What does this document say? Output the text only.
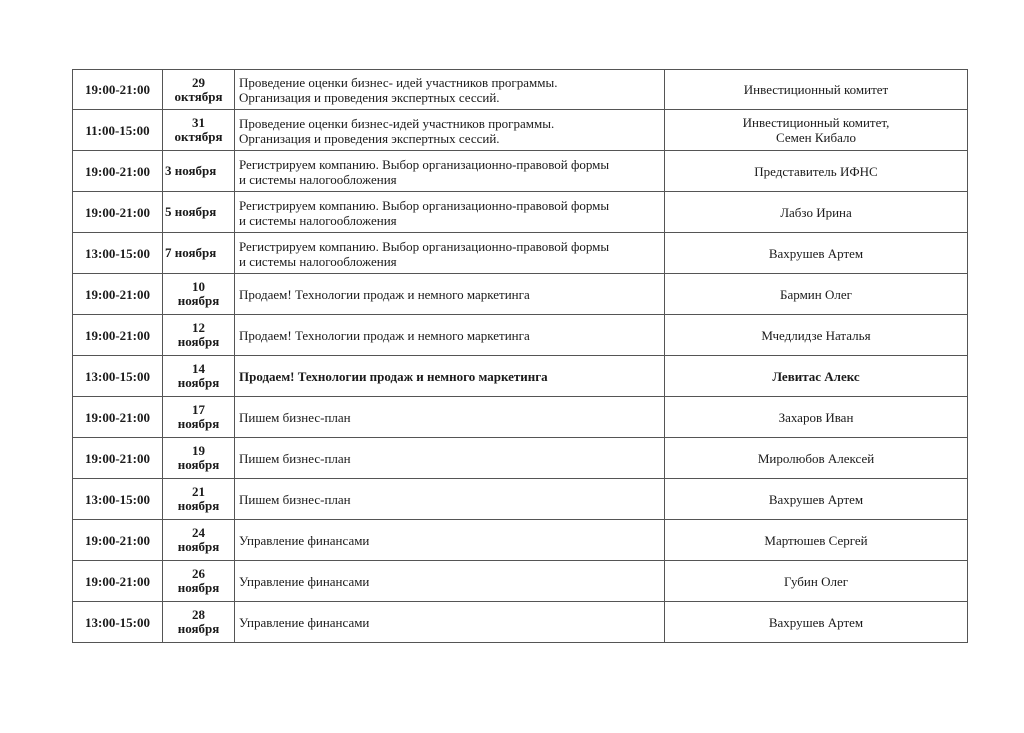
19:00-21:00	29
октября	Проведение оценки бизнес- идей участников программы.
Организация и проведения экспертных сессий.	Инвестиционный комитет

11:00-15:00	31
октября	Проведение оценки бизнес-идей участников программы.
Организация и проведения экспертных сессий.	Инвестиционный комитет,
Семен Кибало

19:00-21:00	3 ноября	Регистрируем компанию. Выбор организационно-правовой формы
и системы налогообложения	Представитель ИФНС

19:00-21:00	5 ноября	Регистрируем компанию. Выбор организационно-правовой формы
и системы налогообложения	Лабзо Ирина

13:00-15:00	7 ноября	Регистрируем компанию. Выбор организационно-правовой формы
и системы налогообложения	Вахрушев Артем

19:00-21:00	10
ноября	Продаем! Технологии продаж и немного маркетинга	Бармин Олег

19:00-21:00	12
ноября	Продаем! Технологии продаж и немного маркетинга	Мчедлидзе Наталья

13:00-15:00	14
ноября	Продаем! Технологии продаж и немного маркетинга	Левитас Алекс

19:00-21:00	17
ноября	Пишем бизнес-план	Захаров Иван

19:00-21:00	19
ноября	Пишем бизнес-план	Миролюбов Алексей

13:00-15:00	21
ноября	Пишем бизнес-план	Вахрушев Артем

19:00-21:00	24
ноября	Управление финансами	Мартюшев Сергей

19:00-21:00	26
ноября	Управление финансами	Губин Олег

13:00-15:00	28
ноября	Управление финансами	Вахрушев Артем
